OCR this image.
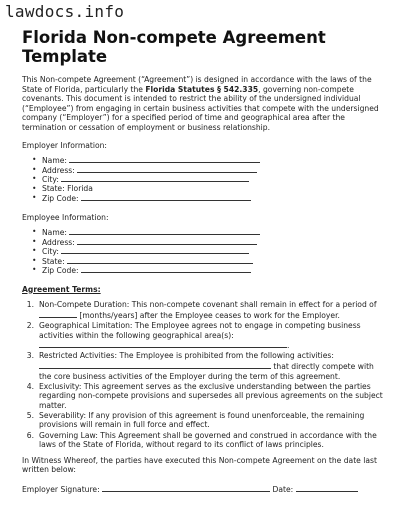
lawdocs.info
Florida Non-compete Agreement
Template

This Non-compete Agreement (“Agreement”) is designed in accordance with the laws of the State of Florida, particularly the Florida Statutes § 542.335, governing non-compete covenants. This document is intended to restrict the ability of the undersigned individual (“Employee”) from engaging in certain business activities that compete with the undersigned company (“Employer”) for a specified period of time and geographical area after the termination or cessation of employment or business relationship.

Employer Information:

• Name:
• Address:
• City:
• State: Florida
• Zip Code:

Employee Information:

• Name:
• Address:
• City:
• State:
• Zip Code:

Agreement Terms:

1. Non-Compete Duration: This non-compete covenant shall remain in effect for a period of  [months/years] after the Employee ceases to work for the Employer.
2. Geographical Limitation: The Employee agrees not to engage in competing business activities within the following geographical area(s):
.
3. Restricted Activities: The Employee is prohibited from the following activities:
that directly compete with the core business activities of the Employer during the term of this agreement.
4. Exclusivity: This agreement serves as the exclusive understanding between the parties regarding non-compete provisions and supersedes all previous agreements on the subject matter.
5. Severability: If any provision of this agreement is found unenforceable, the remaining provisions will remain in full force and effect.
6. Governing Law: This Agreement shall be governed and construed in accordance with the laws of the State of Florida, without regard to its conflict of laws principles.

In Witness Whereof, the parties have executed this Non-compete Agreement on the date last written below:

Employer Signature:	Date:
